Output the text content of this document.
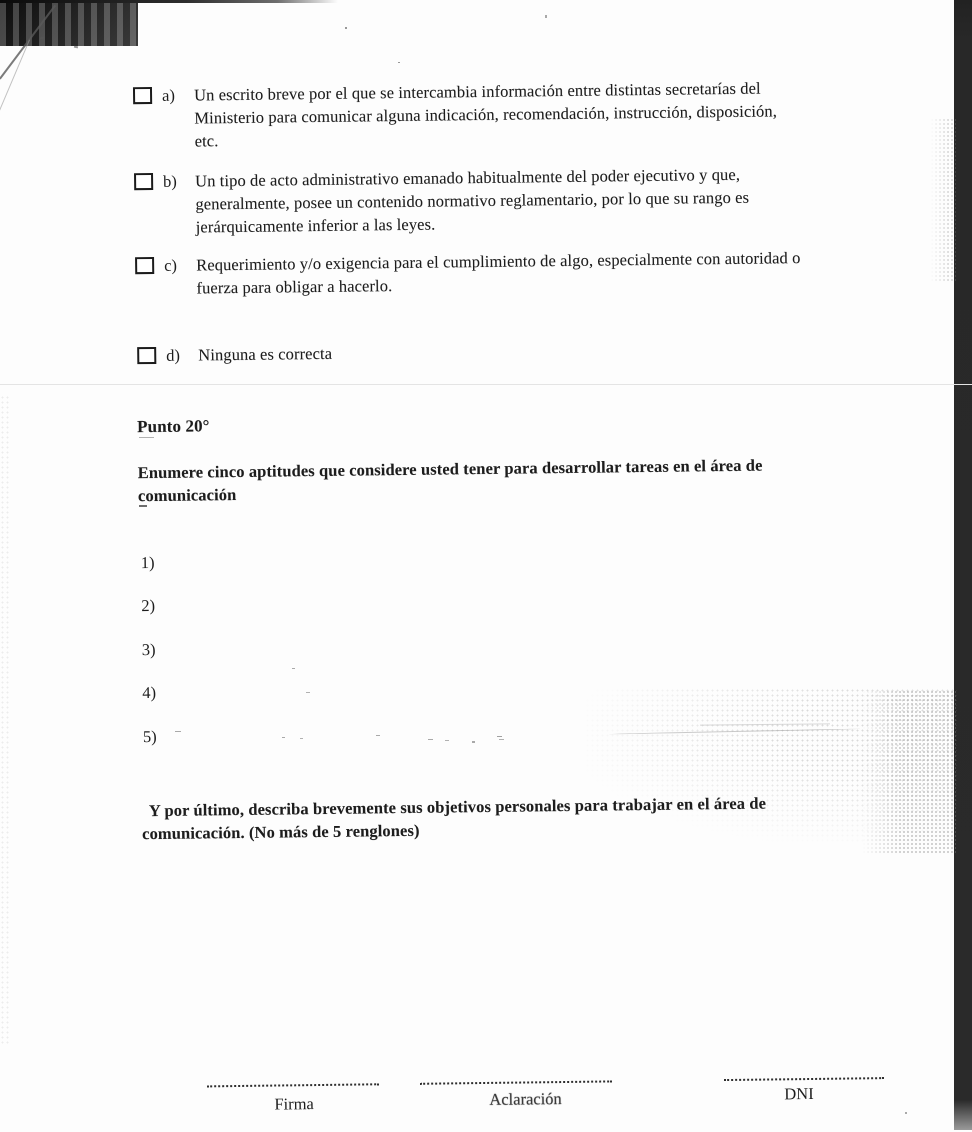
a)	Un escrito breve por el que se intercambia información entre distintas secretarías del
Ministerio para comunicar alguna indicación, recomendación, instrucción, disposición,
etc.
b)	Un tipo de acto administrativo emanado habitualmente del poder ejecutivo y que,
generalmente, posee un contenido normativo reglamentario, por lo que su rango es
jerárquicamente inferior a las leyes.
c)	Requerimiento y/o exigencia para el cumplimiento de algo, especialmente con autoridad o
fuerza para obligar a hacerlo.
d)	Ninguna es correcta
Punto 20°
Enumere cinco aptitudes que considere usted tener para desarrollar tareas en el área de
comunicación
1)
2)
3)
4)
5)
Y por último, describa brevemente sus objetivos personales para trabajar en el área de
comunicación. (No más de 5 renglones)
Firma	Aclaración	DNI
